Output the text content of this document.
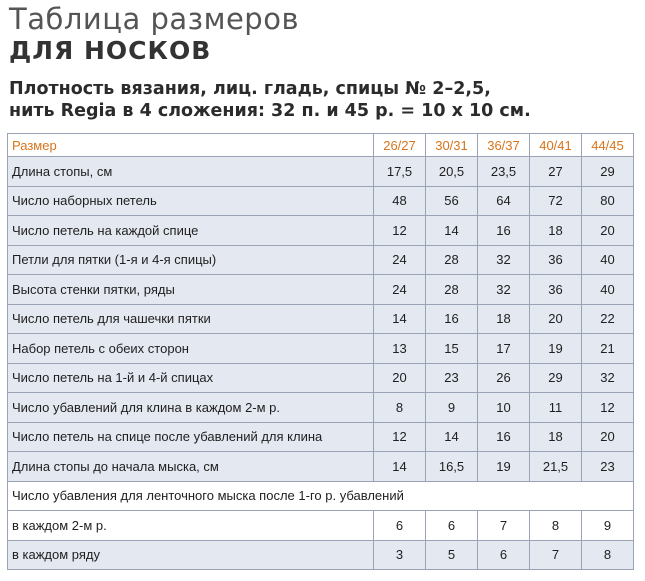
Таблица размеров
ДЛЯ НОСКОВ
Плотность вязания, лиц. гладь, спицы № 2–2,5,
нить Regia в 4 сложения: 32 п. и 45 р. = 10 х 10 см.
Размер	26/27	30/31	36/37	40/41	44/45
Длина стопы, см	17,5	20,5	23,5	27	29
Число наборных петель	48	56	64	72	80
Число петель на каждой спице	12	14	16	18	20
Петли для пятки (1-я и 4-я спицы)	24	28	32	36	40
Высота стенки пятки, ряды	24	28	32	36	40
Число петель для чашечки пятки	14	16	18	20	22
Набор петель с обеих сторон	13	15	17	19	21
Число петель на 1-й и 4-й спицах	20	23	26	29	32
Число убавлений для клина в каждом 2-м р.	8	9	10	11	12
Число петель на спице после убавлений для клина	12	14	16	18	20
Длина стопы до начала мыска, см	14	16,5	19	21,5	23
Число убавления для ленточного мыска после 1-го р. убавлений					
в каждом 2-м р.	6	6	7	8	9
в каждом ряду	3	5	6	7	8
